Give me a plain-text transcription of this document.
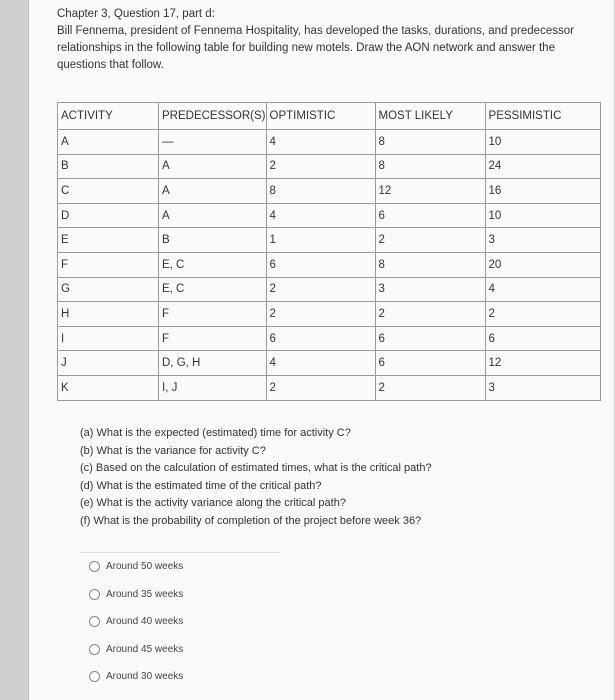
Chapter 3, Question 17, part d:
Bill Fennema, president of Fennema Hospitality, has developed the tasks, durations, and predecessor
relationships in the following table for building new motels. Draw the AON network and answer the
questions that follow.
ACTIVITY	PREDECESSOR(S)	OPTIMISTIC	MOST LIKELY	PESSIMISTIC
A	—	4	8	10
B	A	2	8	24
C	A	8	12	16
D	A	4	6	10
E	B	1	2	3
F	E, C	6	8	20
G	E, C	2	3	4
H	F	2	2	2
I	F	6	6	6
J	D, G, H	4	6	12
K	I, J	2	2	3
(a) What is the expected (estimated) time for activity C?
(b) What is the variance for activity C?
(c) Based on the calculation of estimated times, what is the critical path?
(d) What is the estimated time of the critical path?
(e) What is the activity variance along the critical path?
(f) What is the probability of completion of the project before week 36?
Around 50 weeks
Around 35 weeks
Around 40 weeks
Around 45 weeks
Around 30 weeks
